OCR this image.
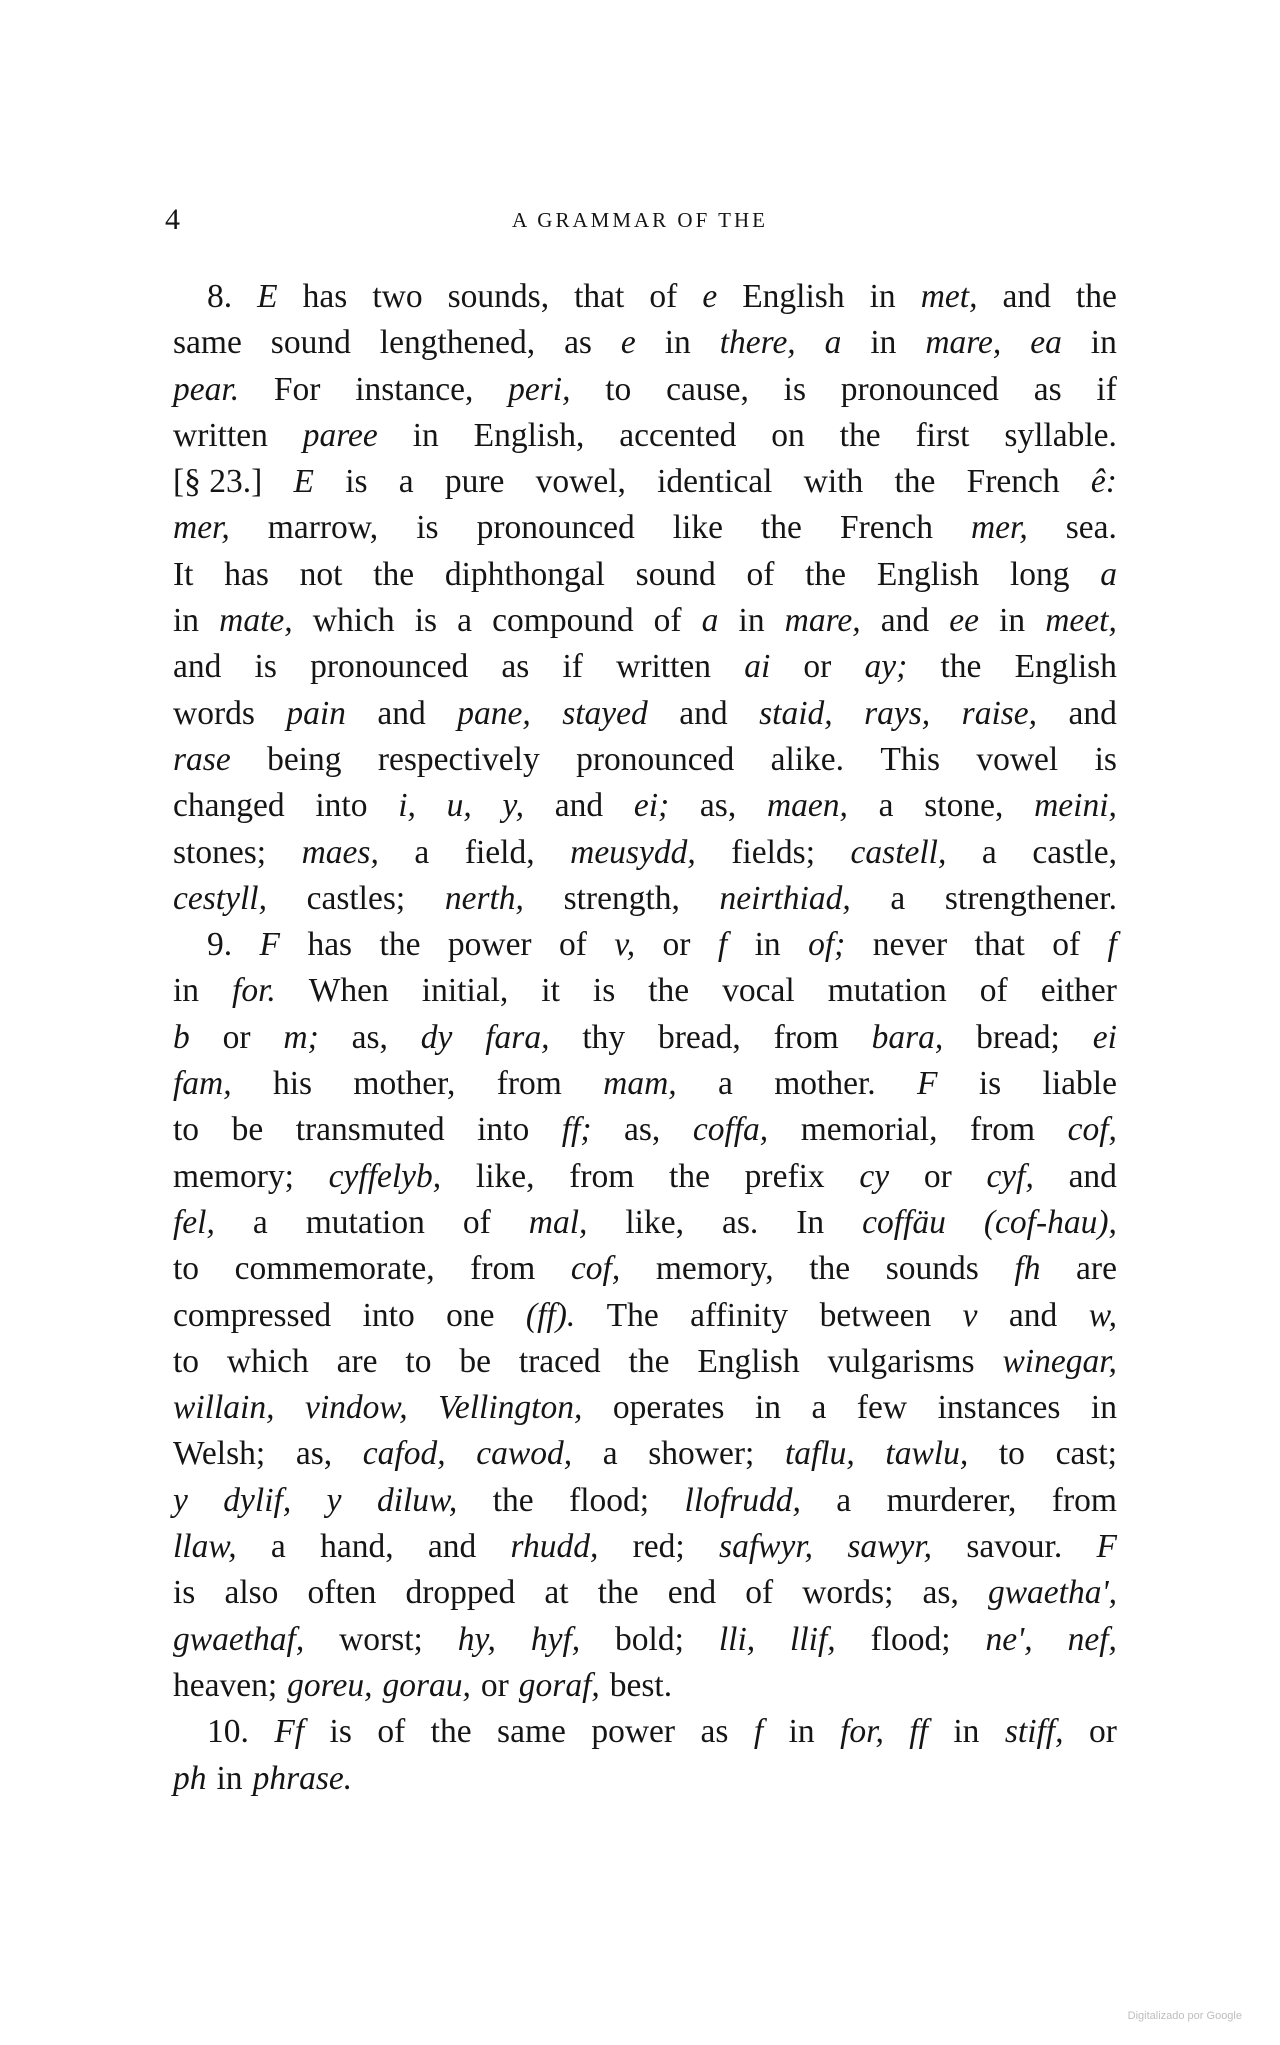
4	A GRAMMAR OF THE
8. E has two sounds, that of e English in met, and the
same sound lengthened, as e in there, a in mare, ea in
pear. For instance, peri, to cause, is pronounced as if
written paree in English, accented on the first syllable.
[§ 23.] E is a pure vowel, identical with the French ê:
mer, marrow, is pronounced like the French mer, sea.
It has not the diphthongal sound of the English long a
in mate, which is a compound of a in mare, and ee in meet,
and is pronounced as if written ai or ay; the English
words pain and pane, stayed and staid, rays, raise, and
rase being respectively pronounced alike. This vowel is
changed into i, u, y, and ei; as, maen, a stone, meini,
stones; maes, a field, meusydd, fields; castell, a castle,
cestyll, castles; nerth, strength, neirthiad, a strengthener.
9. F has the power of v, or f in of; never that of f
in for. When initial, it is the vocal mutation of either
b or m; as, dy fara, thy bread, from bara, bread; ei
fam, his mother, from mam, a mother. F is liable
to be transmuted into ff; as, coffa, memorial, from cof,
memory; cyffelyb, like, from the prefix cy or cyf, and
fel, a mutation of mal, like, as. In coffäu (cof-hau),
to commemorate, from cof, memory, the sounds fh are
compressed into one (ff). The affinity between v and w,
to which are to be traced the English vulgarisms winegar,
willain, vindow, Vellington, operates in a few instances in
Welsh; as, cafod, cawod, a shower; taflu, tawlu, to cast;
y dylif, y diluw, the flood; llofrudd, a murderer, from
llaw, a hand, and rhudd, red; safwyr, sawyr, savour. F
is also often dropped at the end of words; as, gwaetha',
gwaethaf, worst; hy, hyf, bold; lli, llif, flood; ne', nef,
heaven; goreu, gorau, or goraf, best.
10. Ff is of the same power as f in for, ff in stiff, or
ph in phrase.
Digitalizado por Google
